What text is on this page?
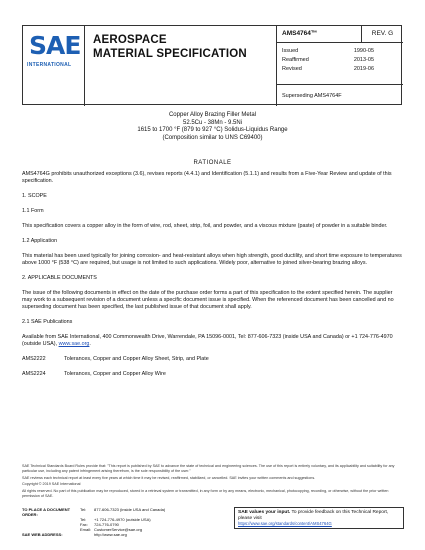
SAE
INTERNATIONAL
AEROSPACE
MATERIAL SPECIFICATION
AMS4764™	REV. G
Issued	1990-05
Reaffirmed	2013-05
Revised	2019-06
Superseding AMS4764F
Copper Alloy Brazing Filler Metal
52.5Cu - 38Mn - 9.5Ni
1615 to 1700 °F (879 to 927 °C) Solidus-Liquidus Range
(Composition similar to UNS C69400)
RATIONALE
AMS4764G prohibits unauthorized exceptions (3.6), revises reports (4.4.1) and Identification (5.1.1) and results from a Five-Year Review and update of this specification.
1. SCOPE
1.1 Form
This specification covers a copper alloy in the form of wire, rod, sheet, strip, foil, and powder, and a viscous mixture (paste) of powder in a suitable binder.
1.2 Application
This material has been used typically for joining corrosion- and heat-resistant alloys when high strength, good ductility, and short time exposure to temperatures above 1000 °F (538 °C) are required, but usage is not limited to such applications. Widely poor, alternative to joined silver-bearing brazing alloys.
2. APPLICABLE DOCUMENTS
The issue of the following documents in effect on the date of the purchase order forms a part of this specification to the extent specified herein. The supplier may work to a subsequent revision of a document unless a specific document issue is specified. When the referenced document has been cancelled and no superseding document has been specified, the last published issue of that document shall apply.
2.1 SAE Publications
Available from SAE International, 400 Commonwealth Drive, Warrendale, PA 15096-0001, Tel: 877-606-7323 (inside USA and Canada) or +1 724-776-4970 (outside USA), www.sae.org.
AMS2222	Tolerances, Copper and Copper Alloy Sheet, Strip, and Plate
AMS2224	Tolerances, Copper and Copper Alloy Wire

SAE Technical Standards Board Rules provide that: "This report is published by SAE to advance the state of technical and engineering sciences. The use of this report is entirely voluntary, and its applicability and suitability for any particular use, including any patent infringement arising therefrom, is the sole responsibility of the user."

SAE reviews each technical report at least every five years at which time it may be revised, reaffirmed, stabilized, or cancelled. SAE invites your written comments and suggestions.

Copyright © 2019 SAE International

All rights reserved. No part of this publication may be reproduced, stored in a retrieval system or transmitted, in any form or by any means, electronic, mechanical, photocopying, recording, or otherwise, without the prior written permission of SAE.

TO PLACE A DOCUMENT ORDER:
Tel:	877-606-7323 (inside USA and Canada)
Tel:	+1 724-776-4970 (outside USA)
Fax:	724-776-0790
Email: CustomerService@sae.org
SAE WEB ADDRESS:	http://www.sae.org
SAE values your input. To provide feedback on this Technical Report, please visit
https://www.sae.org/standards/content/AMS4764G
